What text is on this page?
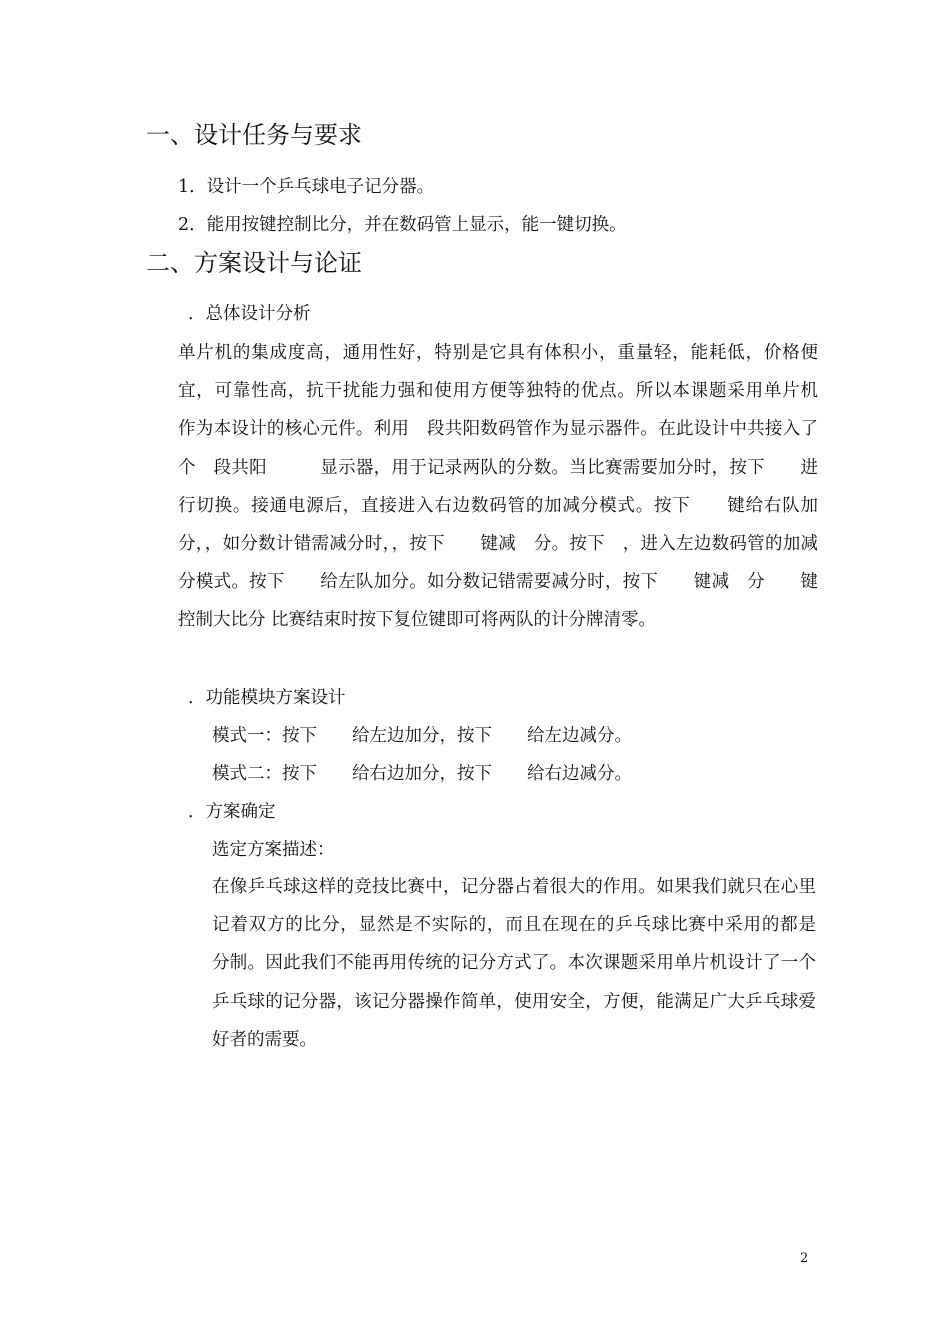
一、设计任务与要求
1．设计一个乒乓球电子记分器。
2．能用按键控制比分，并在数码管上显示，能一键切换。
二、方案设计与论证
．总体设计分析
单片机的集成度高，通用性好，特别是它具有体积小，重量轻，能耗低，价格便宜，可靠性高，抗干扰能力强和使用方便等独特的优点。所以本课题采用单片机　　　　　作为本设计的核心元件。利用　段共阳数码管作为显示器件。在此设计中共接入了　个　段共阳　　　显示器，用于记录两队的分数。当比赛需要加分时，按下　　进行切换。接通电源后，直接进入右边数码管的加减分模式。按下　　键给右队加　分，，如分数计错需减分时，，按下　　键减　分。按下　，进入左边数码管的加减分模式。按下　　给左队加分。如分数记错需要减分时，按下　　键减　分　　键控制大比分 比赛结束时按下复位键即可将两队的计分牌清零。
．功能模块方案设计
模式一：按下　　给左边加分，按下　　给左边减分。
模式二：按下　　给右边加分，按下　　给右边减分。
．方案确定
选定方案描述：
在像乒乓球这样的竞技比赛中，记分器占着很大的作用。如果我们就只在心里记着双方的比分，显然是不实际的，而且在现在的乒乓球比赛中采用的都是　　分制。因此我们不能再用传统的记分方式了。本次课题采用单片机设计了一个乒乓球的记分器，该记分器操作简单，使用安全，方便，能满足广大乒乓球爱好者的需要。
2
